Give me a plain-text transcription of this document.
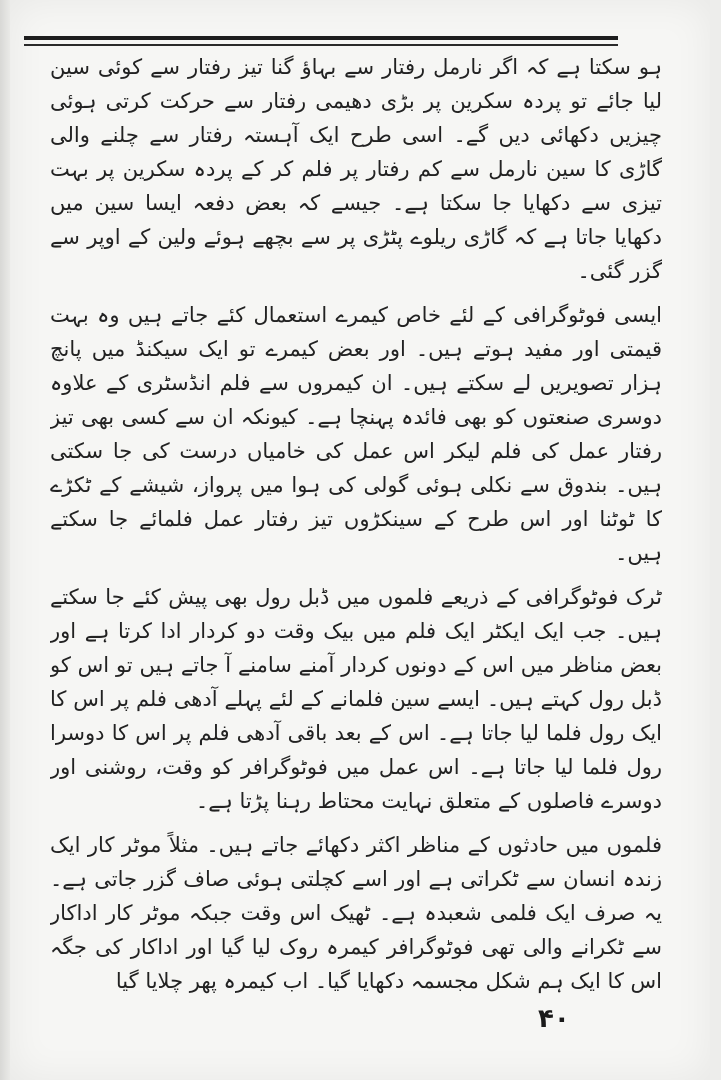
ہو سکتا ہے کہ اگر نارمل رفتار سے بہاؤ گنا تیز رفتار سے کوئی سین لیا جائے تو پردہ سکرین پر بڑی دھیمی رفتار سے حرکت کرتی ہوئی چیزیں دکھائی دیں گے۔ اسی طرح ایک آہستہ رفتار سے چلنے والی گاڑی کا سین نارمل سے کم رفتار پر فلم کر کے پردہ سکرین پر بہت تیزی سے دکھایا جا سکتا ہے۔ جیسے کہ بعض دفعہ ایسا سین میں دکھایا جاتا ہے کہ گاڑی ریلوے پٹڑی پر سے بچھے ہوئے ولین کے اوپر سے گزر گئی۔

ایسی فوٹوگرافی کے لئے خاص کیمرے استعمال کئے جاتے ہیں وہ بہت قیمتی اور مفید ہوتے ہیں۔ اور بعض کیمرے تو ایک سیکنڈ میں پانچ ہزار تصویریں لے سکتے ہیں۔ ان کیمروں سے فلم انڈسٹری کے علاوہ دوسری صنعتوں کو بھی فائدہ پہنچا ہے۔ کیونکہ ان سے کسی بھی تیز رفتار عمل کی فلم لیکر اس عمل کی خامیاں درست کی جا سکتی ہیں۔ بندوق سے نکلی ہوئی گولی کی ہوا میں پرواز، شیشے کے ٹکڑے کا ٹوٹنا اور اس طرح کے سینکڑوں تیز رفتار عمل فلمائے جا سکتے ہیں۔

ٹرک فوٹوگرافی کے ذریعے فلموں میں ڈبل رول بھی پیش کئے جا سکتے ہیں۔ جب ایک ایکٹر ایک فلم میں بیک وقت دو کردار ادا کرتا ہے اور بعض مناظر میں اس کے دونوں کردار آمنے سامنے آ جاتے ہیں تو اس کو ڈبل رول کہتے ہیں۔ ایسے سین فلمانے کے لئے پہلے آدھی فلم پر اس کا ایک رول فلما لیا جاتا ہے۔ اس کے بعد باقی آدھی فلم پر اس کا دوسرا رول فلما لیا جاتا ہے۔ اس عمل میں فوٹوگرافر کو وقت، روشنی اور دوسرے فاصلوں کے متعلق نہایت محتاط رہنا پڑتا ہے۔

فلموں میں حادثوں کے مناظر اکثر دکھائے جاتے ہیں۔ مثلاً موٹر کار ایک زندہ انسان سے ٹکراتی ہے اور اسے کچلتی ہوئی صاف گزر جاتی ہے۔ یہ صرف ایک فلمی شعبدہ ہے۔ ٹھیک اس وقت جبکہ موٹر کار اداکار سے ٹکرانے والی تھی فوٹوگرافر کیمرہ روک لیا گیا اور اداکار کی جگہ اس کا ایک ہم شکل مجسمہ دکھایا گیا۔ اب کیمرہ پھر چلایا گیا

۴۰
